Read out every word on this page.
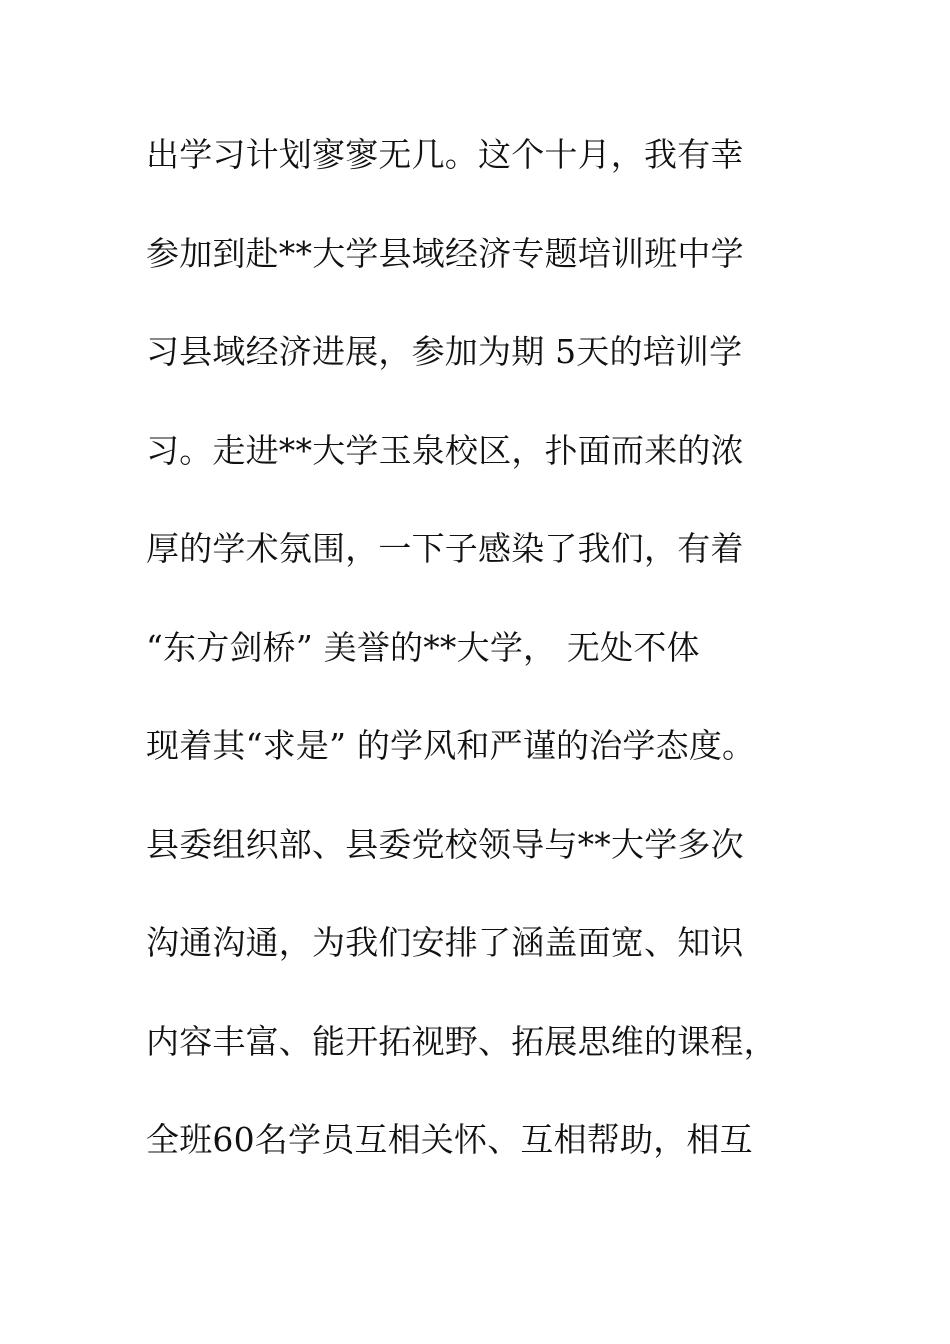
出学习计划寥寥无几。这个十月，我有幸
参加到赴**大学县域经济专题培训班中学
习县域经济进展，参加为期 5天的培训学
习。走进**大学玉泉校区，扑面而来的浓
厚的学术氛围，一下子感染了我们，有着
“东方剑桥” 美誉的**大学， 无处不体
现着其“求是” 的学风和严谨的治学态度。
县委组织部、县委党校领导与**大学多次
沟通沟通，为我们安排了涵盖面宽、知识
内容丰富、能开拓视野、拓展思维的课程，
全班60名学员互相关怀、互相帮助，相互
